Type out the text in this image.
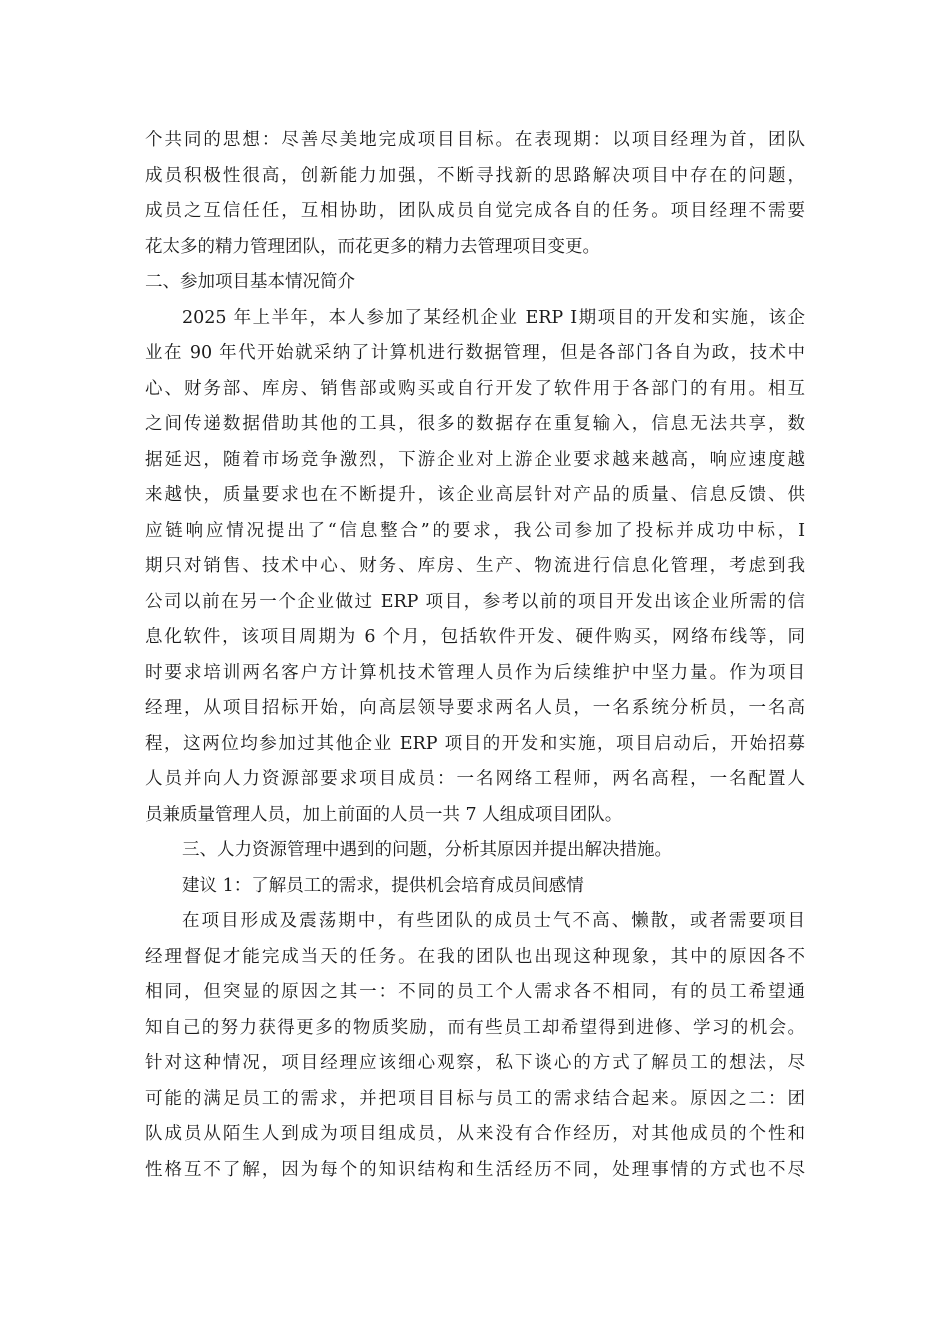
个共同的思想：尽善尽美地完成项目目标。在表现期：以项目经理为首，团队
成员积极性很高，创新能力加强，不断寻找新的思路解决项目中存在的问题，
成员之互信任任，互相协助，团队成员自觉完成各自的任务。项目经理不需要
花太多的精力管理团队，而花更多的精力去管理项目变更。
二、参加项目基本情况简介
2025 年上半年，本人参加了某经机企业 ERP Ⅰ期项目的开发和实施，该企
业在 90 年代开始就采纳了计算机进行数据管理，但是各部门各自为政，技术中
心、财务部、库房、销售部或购买或自行开发了软件用于各部门的有用。相互
之间传递数据借助其他的工具，很多的数据存在重复输入，信息无法共享，数
据延迟，随着市场竞争激烈，下游企业对上游企业要求越来越高，响应速度越
来越快，质量要求也在不断提升，该企业高层针对产品的质量、信息反馈、供
应链响应情况提出了“信息整合”的要求，我公司参加了投标并成功中标，Ⅰ
期只对销售、技术中心、财务、库房、生产、物流进行信息化管理，考虑到我
公司以前在另一个企业做过 ERP 项目，参考以前的项目开发出该企业所需的信
息化软件，该项目周期为 6 个月，包括软件开发、硬件购买，网络布线等，同
时要求培训两名客户方计算机技术管理人员作为后续维护中坚力量。作为项目
经理，从项目招标开始，向高层领导要求两名人员，一名系统分析员，一名高
程，这两位均参加过其他企业 ERP 项目的开发和实施，项目启动后，开始招募
人员并向人力资源部要求项目成员：一名网络工程师，两名高程，一名配置人
员兼质量管理人员，加上前面的人员一共 7 人组成项目团队。
三、人力资源管理中遇到的问题，分析其原因并提出解决措施。
建议 1：了解员工的需求，提供机会培育成员间感情
在项目形成及震荡期中，有些团队的成员士气不高、懒散，或者需要项目
经理督促才能完成当天的任务。在我的团队也出现这种现象，其中的原因各不
相同，但突显的原因之其一：不同的员工个人需求各不相同，有的员工希望通
知自己的努力获得更多的物质奖励，而有些员工却希望得到进修、学习的机会。
针对这种情况，项目经理应该细心观察，私下谈心的方式了解员工的想法，尽
可能的满足员工的需求，并把项目目标与员工的需求结合起来。原因之二：团
队成员从陌生人到成为项目组成员，从来没有合作经历，对其他成员的个性和
性格互不了解，因为每个的知识结构和生活经历不同，处理事情的方式也不尽
